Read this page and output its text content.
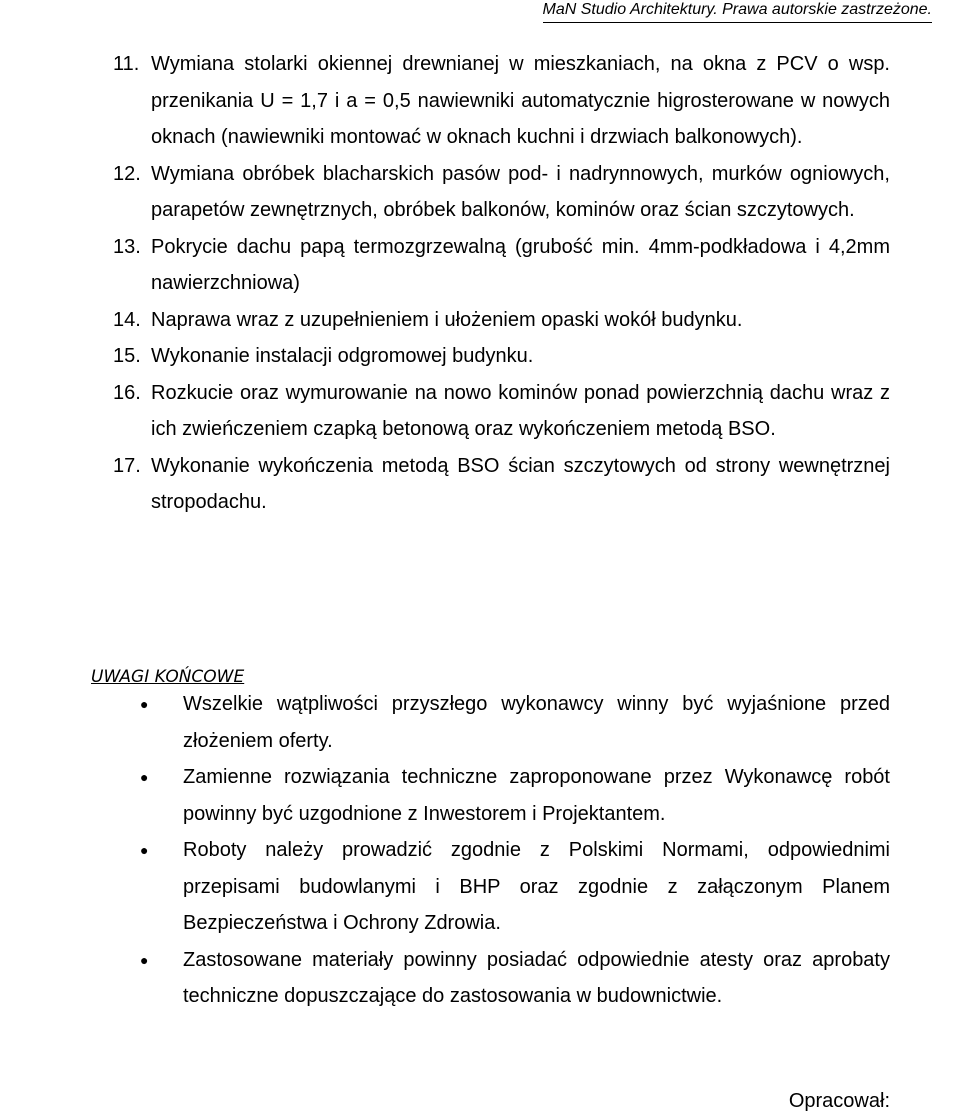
MaN Studio Architektury. Prawa autorskie zastrzeżone.
11. Wymiana stolarki okiennej drewnianej w mieszkaniach, na okna z PCV o wsp. przenikania U = 1,7 i a = 0,5 nawiewniki automatycznie higrosterowane w nowych oknach (nawiewniki montować w oknach kuchni i drzwiach balkonowych).
12. Wymiana obróbek blacharskich pasów pod- i nadrynnowych, murków ogniowych, parapetów zewnętrznych, obróbek balkonów, kominów oraz ścian szczytowych.
13. Pokrycie dachu papą termozgrzewalną (grubość min. 4mm-podkładowa i 4,2mm nawierzchniowa)
14. Naprawa wraz z uzupełnieniem i ułożeniem opaski wokół budynku.
15. Wykonanie instalacji odgromowej budynku.
16. Rozkucie oraz wymurowanie na nowo kominów ponad powierzchnią dachu wraz z ich zwieńczeniem czapką betonową oraz wykończeniem metodą BSO.
17. Wykonanie wykończenia metodą BSO ścian szczytowych od strony wewnętrznej stropodachu.
UWAGI KOŃCOWE
●	Wszelkie wątpliwości przyszłego wykonawcy winny być wyjaśnione przed złożeniem oferty.
●	Zamienne rozwiązania techniczne zaproponowane przez Wykonawcę robót powinny być uzgodnione z Inwestorem i Projektantem.
●	Roboty należy prowadzić zgodnie z Polskimi Normami, odpowiednimi przepisami budowlanymi i BHP oraz zgodnie z załączonym Planem Bezpieczeństwa i Ochrony Zdrowia.
●	Zastosowane materiały powinny posiadać odpowiednie atesty oraz aprobaty techniczne dopuszczające do zastosowania w budownictwie.
Opracował:
